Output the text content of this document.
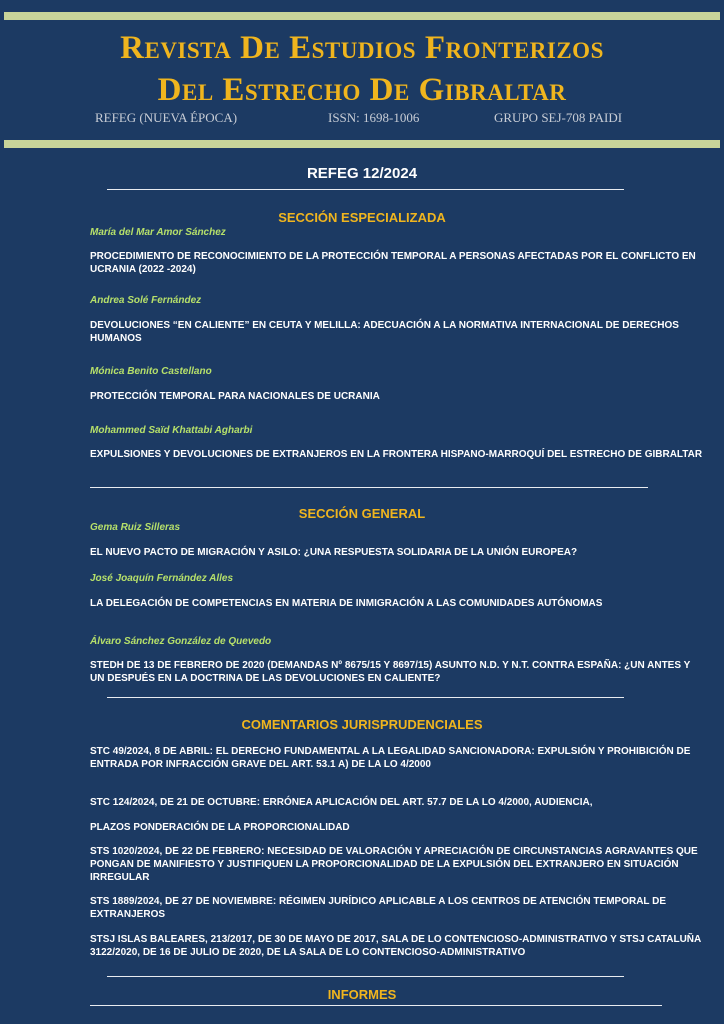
Revista De Estudios Fronterizos
Del Estrecho De Gibraltar
REFEG (NUEVA ÉPOCA)	ISSN: 1698-1006	GRUPO SEJ-708 PAIDI
REFEG 12/2024
SECCIÓN ESPECIALIZADA
María del Mar Amor Sánchez
PROCEDIMIENTO DE RECONOCIMIENTO DE LA PROTECCIÓN TEMPORAL A PERSONAS AFECTADAS POR EL CONFLICTO EN UCRANIA (2022 -2024)
Andrea Solé Fernández
DEVOLUCIONES “EN CALIENTE” EN CEUTA Y MELILLA: ADECUACIÓN A LA NORMATIVA INTERNACIONAL DE DERECHOS HUMANOS
Mónica Benito Castellano
PROTECCIÓN TEMPORAL PARA NACIONALES DE UCRANIA
Mohammed Saïd Khattabi Agharbi
EXPULSIONES Y DEVOLUCIONES DE EXTRANJEROS EN LA FRONTERA HISPANO-MARROQUÍ DEL ESTRECHO DE GIBRALTAR
SECCIÓN GENERAL
Gema Ruiz Silleras
EL NUEVO PACTO DE MIGRACIÓN Y ASILO: ¿UNA RESPUESTA SOLIDARIA DE LA UNIÓN EUROPEA?
José Joaquín Fernández Alles
LA DELEGACIÓN DE COMPETENCIAS EN MATERIA DE INMIGRACIÓN A LAS COMUNIDADES AUTÓNOMAS
Álvaro Sánchez González de Quevedo
STEDH DE 13 DE FEBRERO DE 2020 (DEMANDAS Nº 8675/15 Y 8697/15) ASUNTO N.D. Y N.T. CONTRA ESPAÑA: ¿UN ANTES Y UN DESPUÉS EN LA DOCTRINA DE LAS DEVOLUCIONES EN CALIENTE?
COMENTARIOS JURISPRUDENCIALES
STC 49/2024, 8 DE ABRIL: EL DERECHO FUNDAMENTAL A LA LEGALIDAD SANCIONADORA: EXPULSIÓN Y PROHIBICIÓN DE ENTRADA POR INFRACCIÓN GRAVE DEL ART. 53.1 A) DE LA LO 4/2000
STC 124/2024, DE 21 DE OCTUBRE: ERRÓNEA APLICACIÓN DEL ART. 57.7 DE LA LO 4/2000, AUDIENCIA,
PLAZOS PONDERACIÓN DE LA PROPORCIONALIDAD
STS 1020/2024, DE 22 DE FEBRERO: NECESIDAD DE VALORACIÓN Y APRECIACIÓN DE CIRCUNSTANCIAS AGRAVANTES QUE PONGAN DE MANIFIESTO Y JUSTIFIQUEN LA PROPORCIONALIDAD DE LA EXPULSIÓN DEL EXTRANJERO EN SITUACIÓN IRREGULAR
STS 1889/2024, DE 27 DE NOVIEMBRE: RÉGIMEN JURÍDICO APLICABLE A LOS CENTROS DE ATENCIÓN TEMPORAL DE EXTRANJEROS
STSJ ISLAS BALEARES, 213/2017, DE 30 DE MAYO DE 2017, SALA DE LO CONTENCIOSO-ADMINISTRATIVO Y STSJ CATALUÑA 3122/2020, DE 16 DE JULIO DE 2020, DE LA SALA DE LO CONTENCIOSO-ADMINISTRATIVO
INFORMES
